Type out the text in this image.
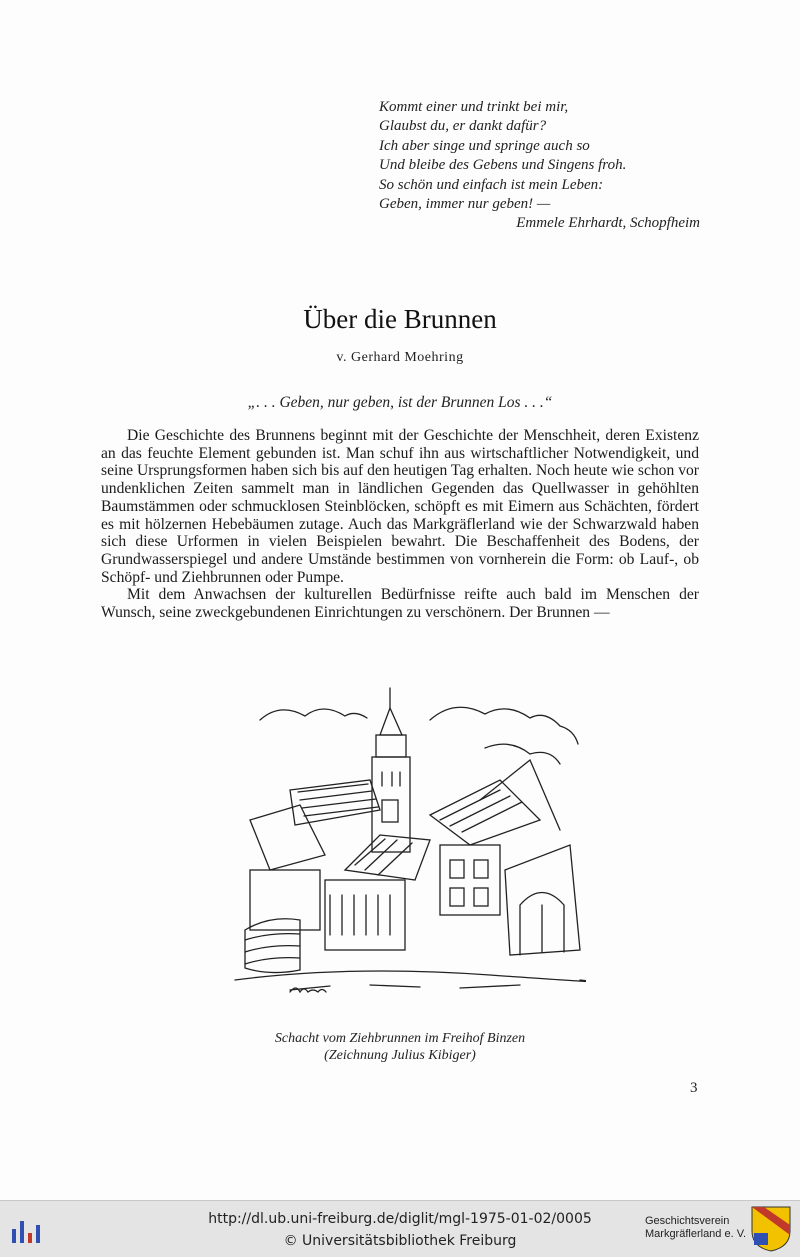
Kommt einer und trinkt bei mir,
Glaubst du, er dankt dafür?
Ich aber singe und springe auch so
Und bleibe des Gebens und Singens froh.
So schön und einfach ist mein Leben:
Geben, immer nur geben! —
Emmele Ehrhardt, Schopfheim
Über die Brunnen
v. Gerhard Moehring
„. . . Geben, nur geben, ist der Brunnen Los . . .“

Die Geschichte des Brunnens beginnt mit der Geschichte der Menschheit, deren Existenz an das feuchte Element gebunden ist. Man schuf ihn aus wirtschaftlicher Notwendigkeit, und seine Ursprungsformen haben sich bis auf den heutigen Tag erhalten. Noch heute wie schon vor undenklichen Zeiten sammelt man in ländlichen Gegenden das Quellwasser in gehöhlten Baumstämmen oder schmucklosen Steinblöcken, schöpft es mit Eimern aus Schächten, fördert es mit hölzernen Hebebäumen zutage. Auch das Markgräflerland wie der Schwarzwald haben sich diese Urformen in vielen Beispielen bewahrt. Die Beschaffenheit des Bodens, der Grundwasserspiegel und andere Umstände bestimmen von vornherein die Form: ob Lauf-, ob Schöpf- und Ziehbrunnen oder Pumpe.

Mit dem Anwachsen der kulturellen Bedürfnisse reifte auch bald im Menschen der Wunsch, seine zweckgebundenen Einrichtungen zu verschönern. Der Brunnen —

Schacht vom Ziehbrunnen im Freihof Binzen
(Zeichnung Julius Kibiger)
3
http://dl.ub.uni-freiburg.de/diglit/mgl-1975-01-02/0005
© Universitätsbibliothek Freiburg
Geschichtsverein
Markgräflerland e. V.
